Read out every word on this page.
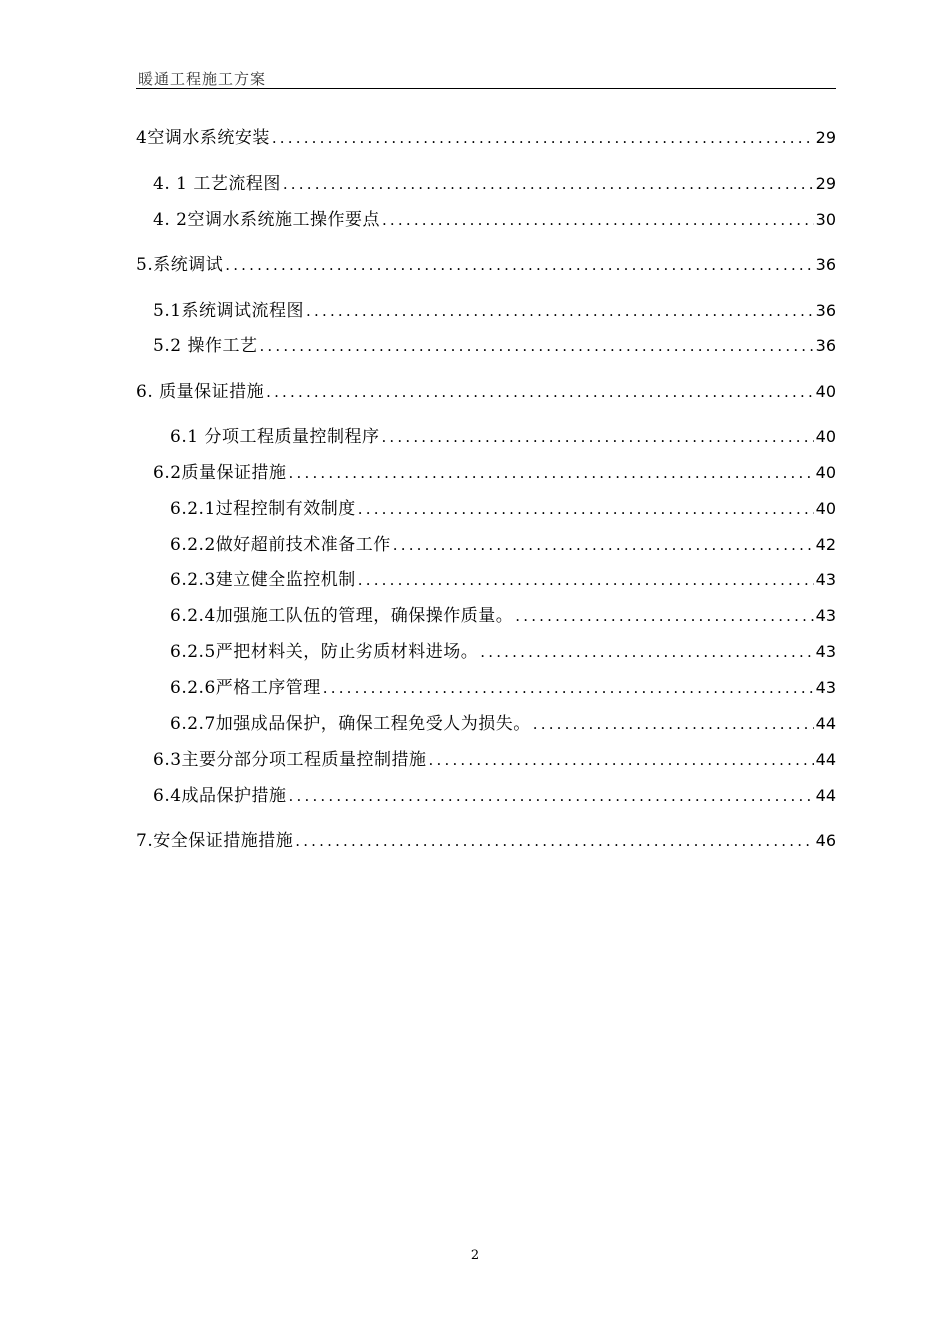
暖通工程施工方案
4空调水系统安装 .....	29
4. 1 工艺流程图 .....	29
4. 2空调水系统施工操作要点 .....	30
5.系统调试 .....	36
5.1系统调试流程图 .....	36
5.2 操作工艺 .....	36
6. 质量保证措施 .....	40
6.1 分项工程质量控制程序 .....	40
6.2质量保证措施 .....	40
6.2.1过程控制有效制度 .....	40
6.2.2做好超前技术准备工作 .....	42
6.2.3建立健全监控机制 .....	43
6.2.4加强施工队伍的管理，确保操作质量。 .....	43
6.2.5严把材料关，防止劣质材料进场。 .....	43
6.2.6严格工序管理 .....	43
6.2.7加强成品保护，确保工程免受人为损失。 .....	44
6.3主要分部分项工程质量控制措施 .....	44
6.4成品保护措施 .....	44
7.安全保证措施措施 .....	46
2
